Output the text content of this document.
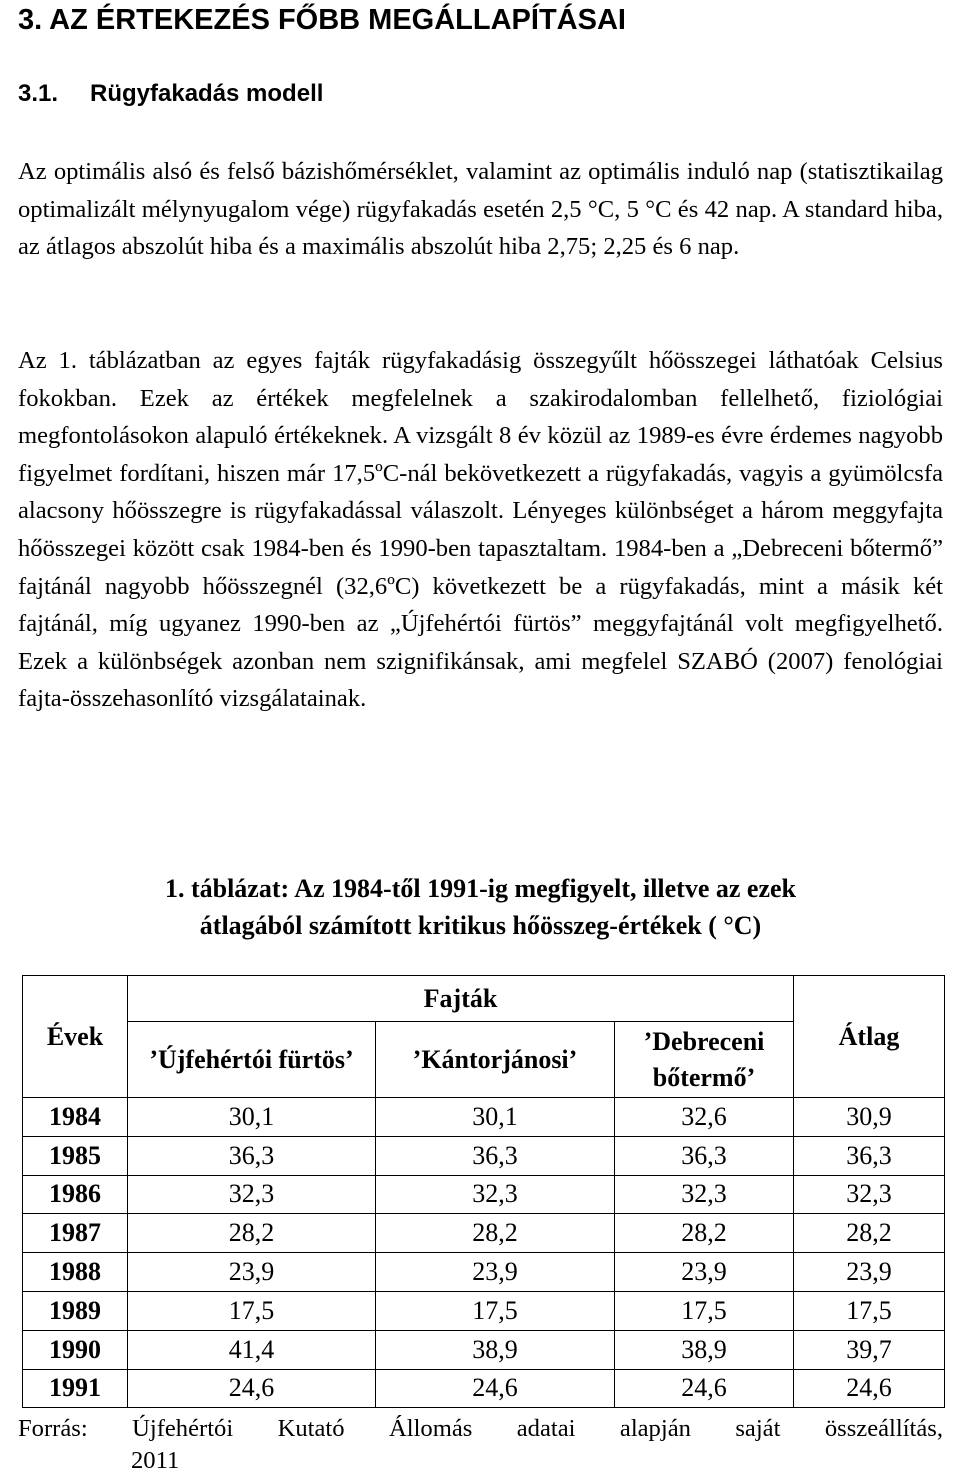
3. AZ ÉRTEKEZÉS FŐBB MEGÁLLAPÍTÁSAI
3.1. Rügyfakadás modell

Az optimális alsó és felső bázishőmérséklet, valamint az optimális induló nap (statisztikailag optimalizált mélynyugalom vége) rügyfakadás esetén 2,5 °C, 5 °C és 42 nap. A standard hiba, az átlagos abszolút hiba és a maximális abszolút hiba 2,75; 2,25 és 6 nap.

Az 1. táblázatban az egyes fajták rügyfakadásig összegyűlt hőösszegei láthatóak Celsius fokokban. Ezek az értékek megfelelnek a szakirodalomban fellelhető, fiziológiai megfontolásokon alapuló értékeknek. A vizsgált 8 év közül az 1989-es évre érdemes nagyobb figyelmet fordítani, hiszen már 17,5ºC-nál bekövetkezett a rügyfakadás, vagyis a gyümölcsfa alacsony hőösszegre is rügyfakadással válaszolt. Lényeges különbséget a három meggyfajta hőösszegei között csak 1984-ben és 1990-ben tapasztaltam. 1984-ben a „Debreceni bőtermő” fajtánál nagyobb hőösszegnél (32,6ºC) következett be a rügyfakadás, mint a másik két fajtánál, míg ugyanez 1990-ben az „Újfehértói fürtös” meggyfajtánál volt megfigyelhető. Ezek a különbségek azonban nem szignifikánsak, ami megfelel SZABÓ (2007) fenológiai fajta-összehasonlító vizsgálatainak.

1. táblázat: Az 1984-től 1991-ig megfigyelt, illetve az ezek
átlagából számított kritikus hőösszeg-értékek ( °C)
Évek	Fajták			Átlag
	’Újfehértói fürtös’	’Kántorjánosi’	’Debreceni bőtermő’	
1984	30,1	30,1	32,6	30,9
1985	36,3	36,3	36,3	36,3
1986	32,3	32,3	32,3	32,3
1987	28,2	28,2	28,2	28,2
1988	23,9	23,9	23,9	23,9
1989	17,5	17,5	17,5	17,5
1990	41,4	38,9	38,9	39,7
1991	24,6	24,6	24,6	24,6
Forrás: Újfehértói Kutató Állomás adatai alapján saját összeállítás,
2011
